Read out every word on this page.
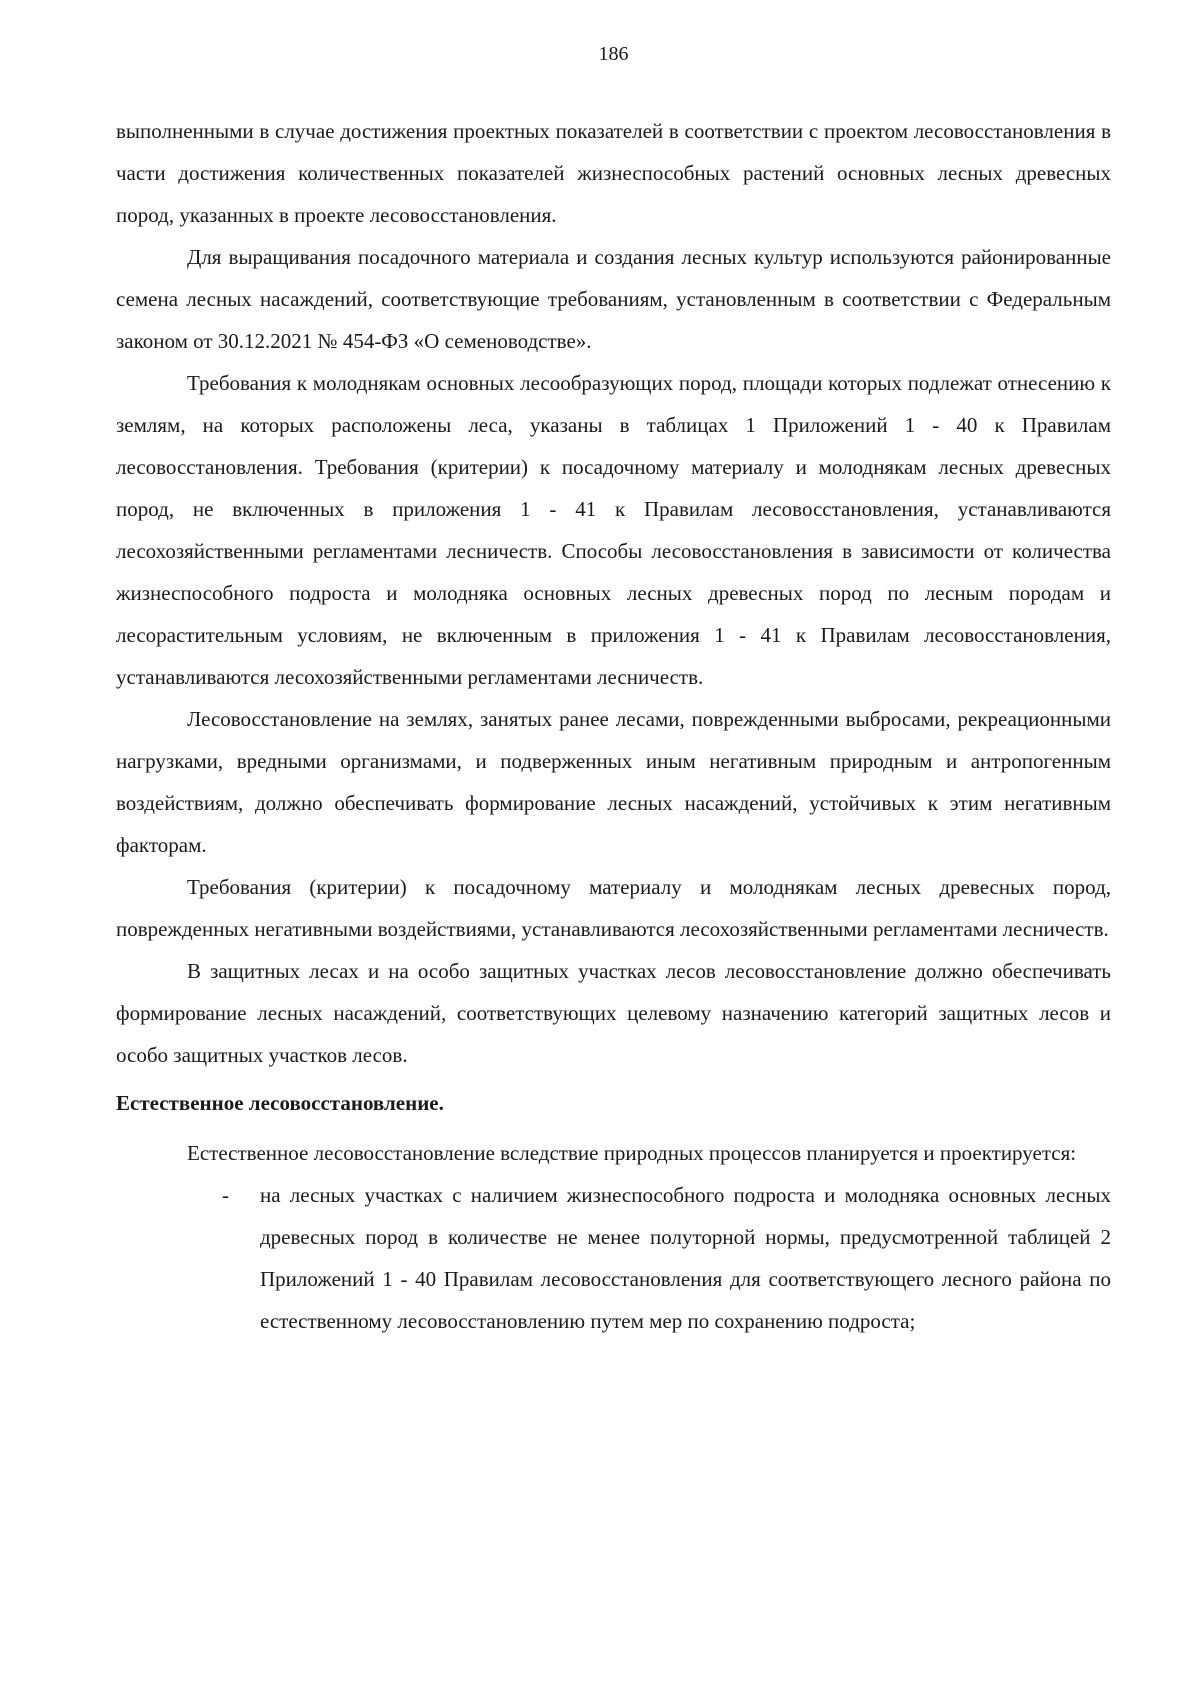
186

выполненными в случае достижения проектных показателей в соответствии с проектом лесовосстановления в части достижения количественных показателей жизнеспособных растений основных лесных древесных пород, указанных в проекте лесовосстановления.

Для выращивания посадочного материала и создания лесных культур используются районированные семена лесных насаждений, соответствующие требованиям, установленным в соответствии с Федеральным законом от 30.12.2021 № 454-ФЗ «О семеноводстве».

Требования к молоднякам основных лесообразующих пород, площади которых подлежат отнесению к землям, на которых расположены леса, указаны в таблицах 1 Приложений 1 - 40 к Правилам лесовосстановления. Требования (критерии) к посадочному материалу и молоднякам лесных древесных пород, не включенных в приложения 1 - 41 к Правилам лесовосстановления, устанавливаются лесохозяйственными регламентами лесничеств. Способы лесовосстановления в зависимости от количества жизнеспособного подроста и молодняка основных лесных древесных пород по лесным породам и лесорастительным условиям, не включенным в приложения 1 - 41 к Правилам лесовосстановления, устанавливаются лесохозяйственными регламентами лесничеств.

Лесовосстановление на землях, занятых ранее лесами, поврежденными выбросами, рекреационными нагрузками, вредными организмами, и подверженных иным негативным природным и антропогенным воздействиям, должно обеспечивать формирование лесных насаждений, устойчивых к этим негативным факторам.

Требования (критерии) к посадочному материалу и молоднякам лесных древесных пород, поврежденных негативными воздействиями, устанавливаются лесохозяйственными регламентами лесничеств.

В защитных лесах и на особо защитных участках лесов лесовосстановление должно обеспечивать формирование лесных насаждений, соответствующих целевому назначению категорий защитных лесов и особо защитных участков лесов.

Естественное лесовосстановление.

Естественное лесовосстановление вследствие природных процессов планируется и проектируется:

- на лесных участках с наличием жизнеспособного подроста и молодняка основных лесных древесных пород в количестве не менее полуторной нормы, предусмотренной таблицей 2 Приложений 1 - 40 Правилам лесовосстановления для соответствующего лесного района по естественному лесовосстановлению путем мер по сохранению подроста;
